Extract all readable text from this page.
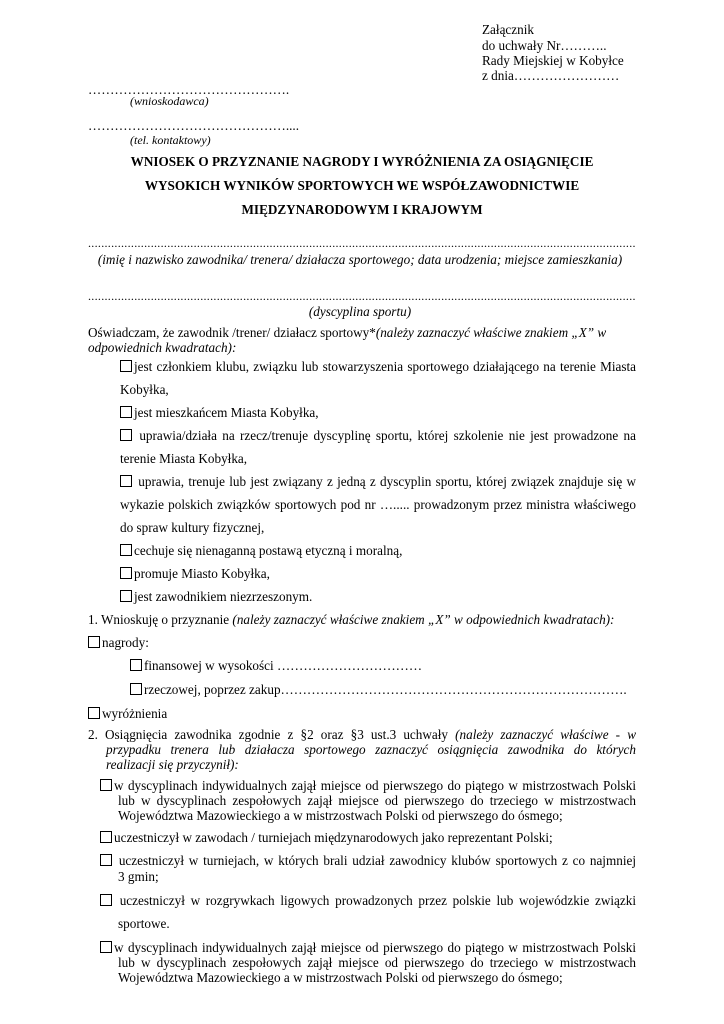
Załącznik
do uchwały Nr………..
Rady Miejskiej w Kobyłce
z dnia……………………
……………………………………….
(wnioskodawca)
………………………………………....
(tel. kontaktowy)
WNIOSEK O PRZYZNANIE NAGRODY I WYRÓŻNIENIA ZA OSIĄGNIĘCIE
WYSOKICH WYNIKÓW SPORTOWYCH WE WSPÓŁZAWODNICTWIE
MIĘDZYNARODOWYM I KRAJOWYM
......................................................................................................................................................................
(imię i nazwisko zawodnika/ trenera/ działacza sportowego; data urodzenia; miejsce zamieszkania)
......................................................................................................................................................................
(dyscyplina sportu)
Oświadczam, że zawodnik /trener/ działacz sportowy* (należy zaznaczyć właściwe znakiem „X” w odpowiednich kwadratach):
jest członkiem klubu, związku lub stowarzyszenia sportowego działającego na terenie Miasta
Kobyłka,
jest mieszkańcem Miasta Kobyłka,
uprawia/działa na rzecz/trenuje dyscyplinę sportu, której szkolenie nie jest prowadzone na
terenie Miasta Kobyłka,
uprawia, trenuje lub jest związany z jedną z dyscyplin sportu, której związek znajduje się w
wykazie polskich związków sportowych pod nr …..... prowadzonym przez ministra właściwego
do spraw kultury fizycznej,
cechuje się nienaganną postawą etyczną i moralną,
promuje Miasto Kobyłka,
jest zawodnikiem niezrzeszonym.
1. Wnioskuję o przyznanie (należy zaznaczyć właściwe znakiem „X” w odpowiednich kwadratach):
nagrody:
finansowej w wysokości ……………………………
rzeczowej, poprzez zakup…………………………………………………………………….
wyróżnienia
2. Osiągnięcia zawodnika zgodnie z §2 oraz §3 ust.3 uchwały (należy zaznaczyć właściwe - w
przypadku trenera lub działacza sportowego zaznaczyć osiągnięcia zawodnika do których
realizacji się przyczynił):
w dyscyplinach indywidualnych zajął miejsce od pierwszego do piątego w mistrzostwach Polski
lub w dyscyplinach zespołowych zajął miejsce od pierwszego do trzeciego w mistrzostwach
Województwa Mazowieckiego a w mistrzostwach Polski od pierwszego do ósmego;
uczestniczył w zawodach / turniejach międzynarodowych jako reprezentant Polski;
uczestniczył w turniejach, w których brali udział zawodnicy klubów sportowych z co najmniej
3 gmin;
uczestniczył w rozgrywkach ligowych prowadzonych przez polskie lub wojewódzkie związki
sportowe.
w dyscyplinach indywidualnych zajął miejsce od pierwszego do piątego w mistrzostwach Polski
lub w dyscyplinach zespołowych zajął miejsce od pierwszego do trzeciego w mistrzostwach
Województwa Mazowieckiego a w mistrzostwach Polski od pierwszego do ósmego;
